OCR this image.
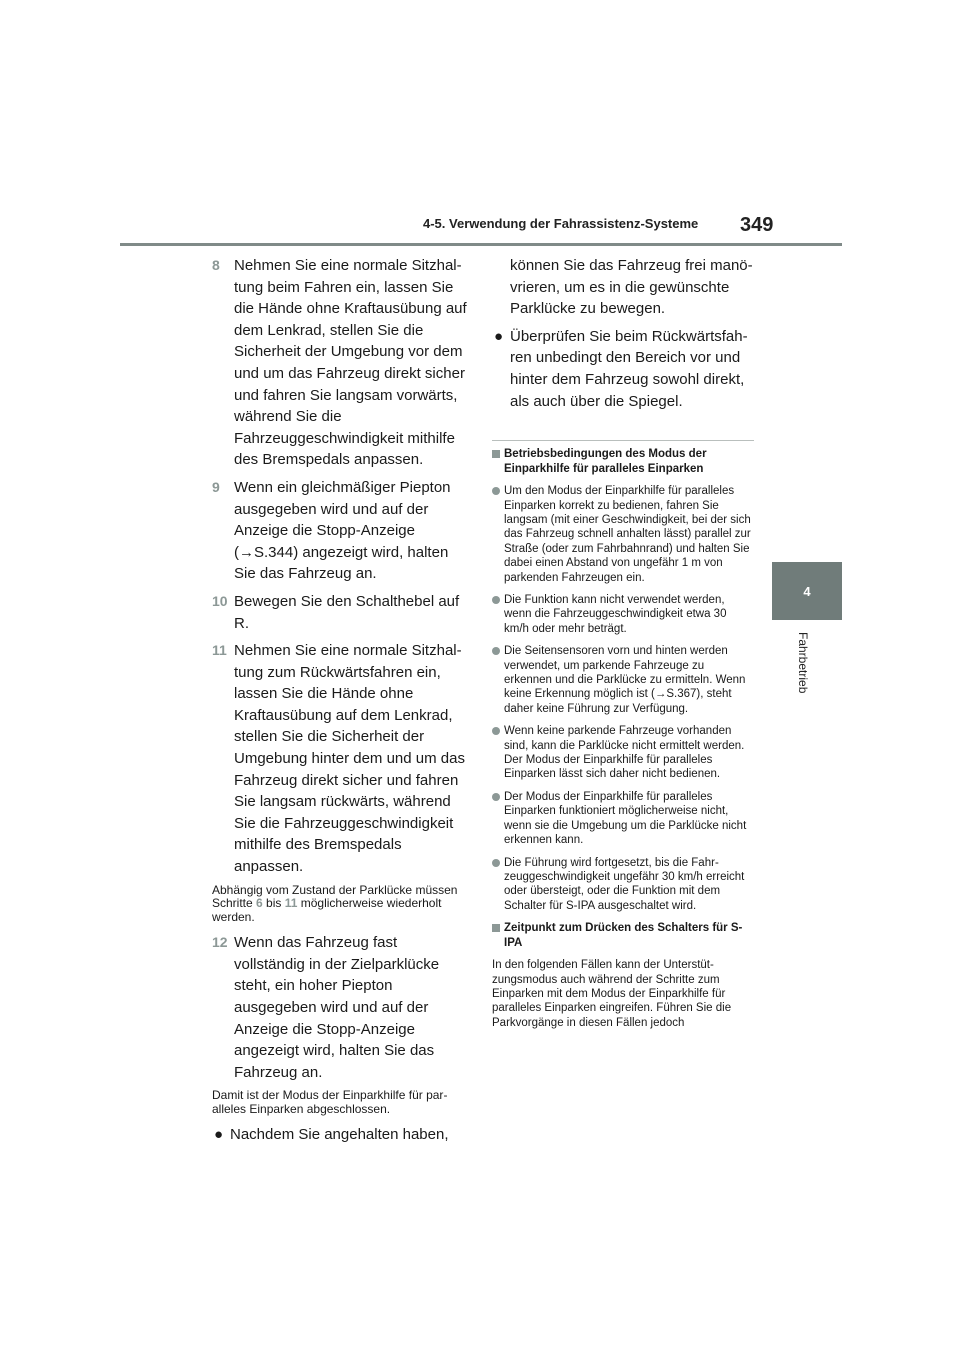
4-5. Verwendung der Fahrassistenz-Systeme 349
4
Fahrbetrieb
8 Nehmen Sie eine normale Sitzhaltung beim Fahren ein, lassen Sie die Hände ohne Kraftausübung auf dem Lenkrad, stellen Sie die Sicherheit der Umgebung vor dem und um das Fahrzeug direkt sicher und fahren Sie langsam vorwärts, während Sie die Fahrzeuggeschwindigkeit mithilfe des Bremspedals anpassen.
9 Wenn ein gleichmäßiger Piepton ausgegeben wird und auf der Anzeige die Stopp-Anzeige (→S.344) angezeigt wird, halten Sie das Fahrzeug an.
10 Bewegen Sie den Schalthebel auf R.
11 Nehmen Sie eine normale Sitzhaltung zum Rückwärtsfahren ein, lassen Sie die Hände ohne Kraftausübung auf dem Lenkrad, stellen Sie die Sicherheit der Umgebung hinter dem und um das Fahrzeug direkt sicher und fahren Sie langsam rückwärts, während Sie die Fahrzeuggeschwindigkeit mithilfe des Bremspedals anpassen.
Abhängig vom Zustand der Parklücke müssen Schritte 6 bis 11 möglicherweise wiederholt werden.
12 Wenn das Fahrzeug fast vollständig in der Zielparklücke steht, ein hoher Piepton ausgegeben wird und auf der Anzeige die Stopp-Anzeige angezeigt wird, halten Sie das Fahrzeug an.
Damit ist der Modus der Einparkhilfe für paralleles Einparken abgeschlossen.
● Nachdem Sie angehalten haben,
können Sie das Fahrzeug frei manövrieren, um es in die gewünschte Parklücke zu bewegen.
● Überprüfen Sie beim Rückwärtsfahren unbedingt den Bereich vor und hinter dem Fahrzeug sowohl direkt, als auch über die Spiegel.
Betriebsbedingungen des Modus der Einparkhilfe für paralleles Einparken
Um den Modus der Einparkhilfe für paralleles Einparken korrekt zu bedienen, fahren Sie langsam (mit einer Geschwindigkeit, bei der sich das Fahrzeug schnell anhalten lässt) parallel zur Straße (oder zum Fahrbahnrand) und halten Sie dabei einen Abstand von ungefähr 1 m von parkenden Fahrzeugen ein.
Die Funktion kann nicht verwendet werden, wenn die Fahrzeuggeschwindigkeit etwa 30 km/h oder mehr beträgt.
Die Seitensensoren vorn und hinten werden verwendet, um parkende Fahrzeuge zu erkennen und die Parklücke zu ermitteln. Wenn keine Erkennung möglich ist (→S.367), steht daher keine Führung zur Verfügung.
Wenn keine parkende Fahrzeuge vorhanden sind, kann die Parklücke nicht ermittelt werden. Der Modus der Einparkhilfe für paralleles Einparken lässt sich daher nicht bedienen.
Der Modus der Einparkhilfe für paralleles Einparken funktioniert möglicherweise nicht, wenn sie die Umgebung um die Parklücke nicht erkennen kann.
Die Führung wird fortgesetzt, bis die Fahrzeuggeschwindigkeit ungefähr 30 km/h erreicht oder übersteigt, oder die Funktion mit dem Schalter für S-IPA ausgeschaltet wird.
Zeitpunkt zum Drücken des Schalters für S-IPA
In den folgenden Fällen kann der Unterstützungsmodus auch während der Schritte zum Einparken mit dem Modus der Einparkhilfe für paralleles Einparken eingreifen. Führen Sie die Parkvorgänge in diesen Fällen jedoch
